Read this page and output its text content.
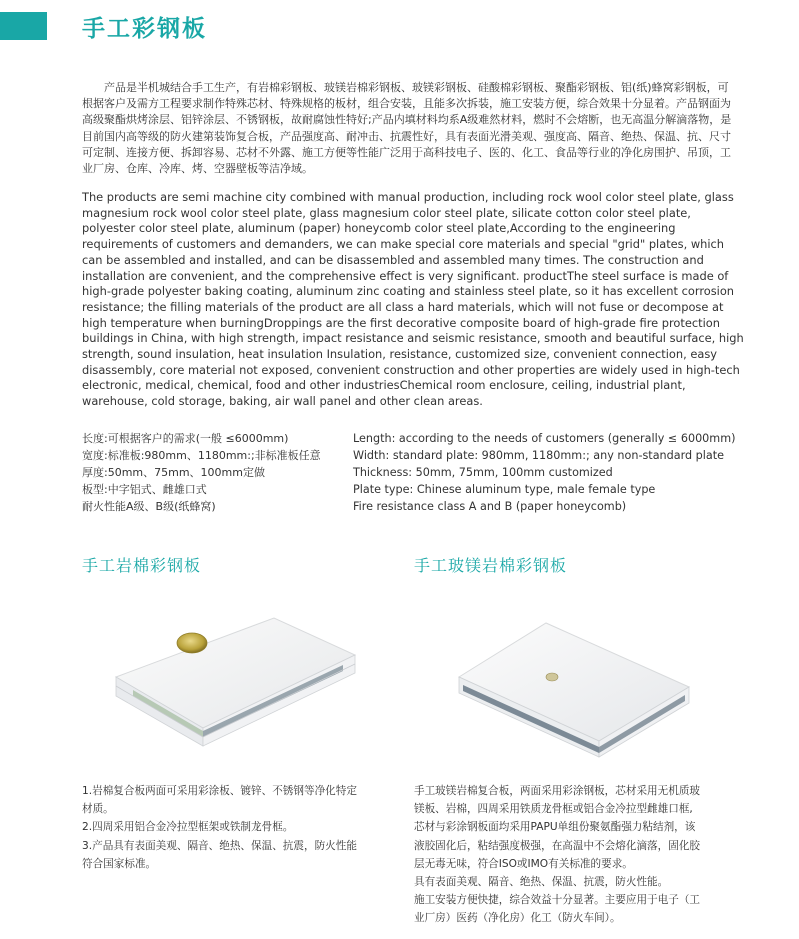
手工彩钢板
产品是半机城结合手工生产，有岩棉彩钢板、玻镁岩棉彩钢板、玻镁彩钢板、硅酸棉彩钢板、聚酯彩钢板、铝(纸)蜂窝彩钢板，可根据客户及需方工程要求制作特殊芯材、特殊规格的板材，组合安装，且能多次拆装，施工安装方便，综合效果十分显着。产品钢面为高级聚酯烘烤涂层、铝锌涂层、不锈钢板，故耐腐蚀性特好;产品内填材料均系A级难然材料，燃时不会熔断，也无高温分解滴落物，是目前国内高等级的防火建第装饰复合板，产品强度高、耐冲击、抗震性好，具有表面光滑美观、强度高、隔音、绝热、保温、抗、尺寸可定制、连接方便、拆卸容易、芯材不外露、施工方便等性能广泛用于高科技电子、医的、化工、食品等行业的净化房围护、吊顶，工业厂房、仓库、冷库、烤、空器壁板等洁净域。
The products are semi machine city combined with manual production, including rock wool color steel plate, glass magnesium rock wool color steel plate, glass magnesium color steel plate, silicate cotton color steel plate, polyester color steel plate, aluminum (paper) honeycomb color steel plate,According to the engineering requirements of customers and demanders, we can make special core materials and special "grid" plates, which can be assembled and installed, and can be disassembled and assembled many times. The construction and installation are convenient, and the comprehensive effect is very significant. productThe steel surface is made of high-grade polyester baking coating, aluminum zinc coating and stainless steel plate, so it has excellent corrosion resistance; the filling materials of the product are all class a hard materials, which will not fuse or decompose at high temperature when burningDroppings are the first decorative composite board of high-grade fire protection buildings in China, with high strength, impact resistance and seismic resistance, smooth and beautiful surface, high strength, sound insulation, heat insulation Insulation, resistance, customized size, convenient connection, easy disassembly, core material not exposed, convenient construction and other properties are widely used in high-tech electronic, medical, chemical, food and other industriesChemical room enclosure, ceiling, industrial plant, warehouse, cold storage, baking, air wall panel and other clean areas.
长度:可根据客户的需求(一般 ≤6000mm)
宽度:标准板:980mm、1180mm:;非标准板任意
厚度:50mm、75mm、100mm定做
板型:中字铝式、雌雄口式
耐火性能A级、B级(纸蜂窝)
Length: according to the needs of customers (generally ≤ 6000mm)
Width: standard plate: 980mm, 1180mm:; any non-standard plate
Thickness: 50mm, 75mm, 100mm customized
Plate type: Chinese aluminum type, male female type
Fire resistance class A and B (paper honeycomb)
手工岩棉彩钢板	手工玻镁岩棉彩钢板

1.岩棉复合板两面可采用彩涂板、镀锌、不锈钢等净化特定材质。

2.四周采用铝合金冷拉型框架或铁制龙骨框。

3.产品具有表面美观、隔音、绝热、保温、抗震，防火性能符合国家标准。

手工玻镁岩棉复合板，两面采用彩涂钢板，芯材采用无机质玻镁板、岩棉，四周采用铁质龙骨框或铝合金冷拉型雌雄口框, 芯材与彩涂钢板面均采用PAPU单组份聚氨酯强力粘结剂，该液胶固化后，粘结强度极强，在高温中不会熔化滴落，固化胶层无毒无味，符合ISO或IMO有关标准的要求。

具有表面美观、隔音、绝热、保温、抗震，防火性能。

施工安装方便快捷，综合效益十分显著。主要应用于电子（工业厂房）医药（净化房）化工（防火车间）。
